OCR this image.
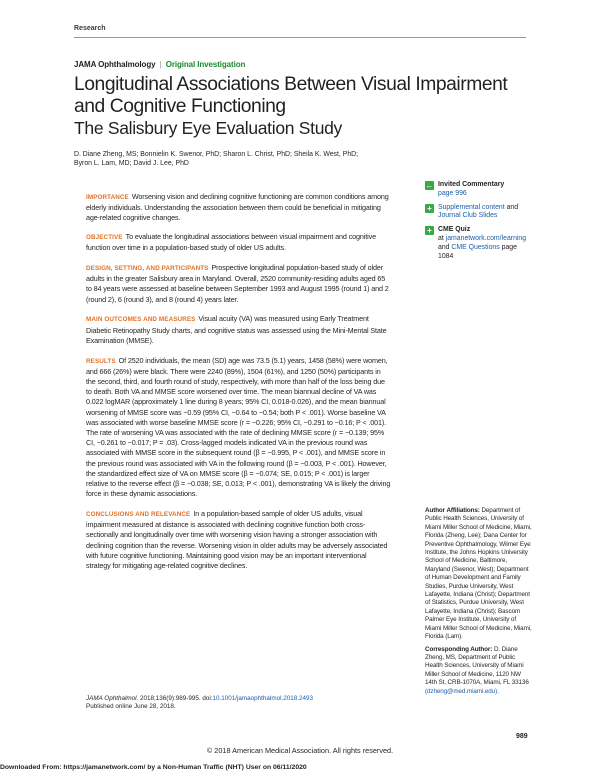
Research
JAMA Ophthalmology | Original Investigation
Longitudinal Associations Between Visual Impairment and Cognitive Functioning
The Salisbury Eye Evaluation Study
D. Diane Zheng, MS; Bonnielin K. Swenor, PhD; Sharon L. Christ, PhD; Sheila K. West, PhD;
Byron L. Lam, MD; David J. Lee, PhD

IMPORTANCE Worsening vision and declining cognitive functioning are common conditions among elderly individuals. Understanding the association between them could be beneficial in mitigating age-related cognitive changes.

OBJECTIVE To evaluate the longitudinal associations between visual impairment and cognitive function over time in a population-based study of older US adults.

DESIGN, SETTING, AND PARTICIPANTS Prospective longitudinal population-based study of older adults in the greater Salisbury area in Maryland. Overall, 2520 community-residing adults aged 65 to 84 years were assessed at baseline between September 1993 and August 1995 (round 1) and 2 (round 2), 6 (round 3), and 8 (round 4) years later.

MAIN OUTCOMES AND MEASURES Visual acuity (VA) was measured using Early Treatment Diabetic Retinopathy Study charts, and cognitive status was assessed using the Mini-Mental State Examination (MMSE).

RESULTS Of 2520 individuals, the mean (SD) age was 73.5 (5.1) years, 1458 (58%) were women, and 666 (26%) were black. There were 2240 (89%), 1504 (61%), and 1250 (50%) participants in the second, third, and fourth round of study, respectively, with more than half of the loss being due to death. Both VA and MMSE score worsened over time. The mean biannual decline of VA was 0.022 logMAR (approximately 1 line during 8 years; 95% CI, 0.018-0.026), and the mean biannual worsening of MMSE score was −0.59 (95% CI, −0.64 to −0.54; both P < .001). Worse baseline VA was associated with worse baseline MMSE score (r = −0.226; 95% CI, −0.291 to −0.16; P < .001). The rate of worsening VA was associated with the rate of declining MMSE score (r = −0.139; 95% CI, −0.261 to −0.017; P = .03). Cross-lagged models indicated VA in the previous round was associated with MMSE score in the subsequent round (β = −0.995, P < .001), and MMSE score in the previous round was associated with VA in the following round (β = −0.003, P < .001). However, the standardized effect size of VA on MMSE score (β = −0.074; SE, 0.015; P < .001) is larger relative to the reverse effect (β = −0.038; SE, 0.013; P < .001), demonstrating VA is likely the driving force in these dynamic associations.

CONCLUSIONS AND RELEVANCE In a population-based sample of older US adults, visual impairment measured at distance is associated with declining cognitive function both cross-sectionally and longitudinally over time with worsening vision having a stronger association with declining cognition than the reverse. Worsening vision in older adults may be adversely associated with future cognitive functioning. Maintaining good vision may be an important interventional strategy for mitigating age-related cognitive declines.

← Invited Commentary
page 996
+ Supplemental content and
Journal Club Slides
+ CME Quiz
at jamanetwork.com/learning and CME Questions page 1084

Author Affiliations: Department of Public Health Sciences, University of Miami Miller School of Medicine, Miami, Florida (Zheng, Lee); Dana Center for Preventive Ophthalmology, Wilmer Eye Institute, the Johns Hopkins University School of Medicine, Baltimore, Maryland (Swenor, West); Department of Human Development and Family Studies, Purdue University, West Lafayette, Indiana (Christ); Department of Statistics, Purdue University, West Lafayette, Indiana (Christ); Bascom Palmer Eye Institute, University of Miami Miller School of Medicine, Miami, Florida (Lam).

Corresponding Author: D. Diane Zheng, MS, Department of Public Health Sciences, University of Miami Miller School of Medicine, 1120 NW 14th St, CRB-1070A, Miami, FL 33136 (dzheng@med.miami.edu).

JAMA Ophthalmol. 2018;136(9):989-995. doi:10.1001/jamaophthalmol.2018.2493
Published online June 28, 2018.
989
© 2018 American Medical Association. All rights reserved.
Downloaded From: https://jamanetwork.com/ by a Non-Human Traffic (NHT) User on 06/11/2020
